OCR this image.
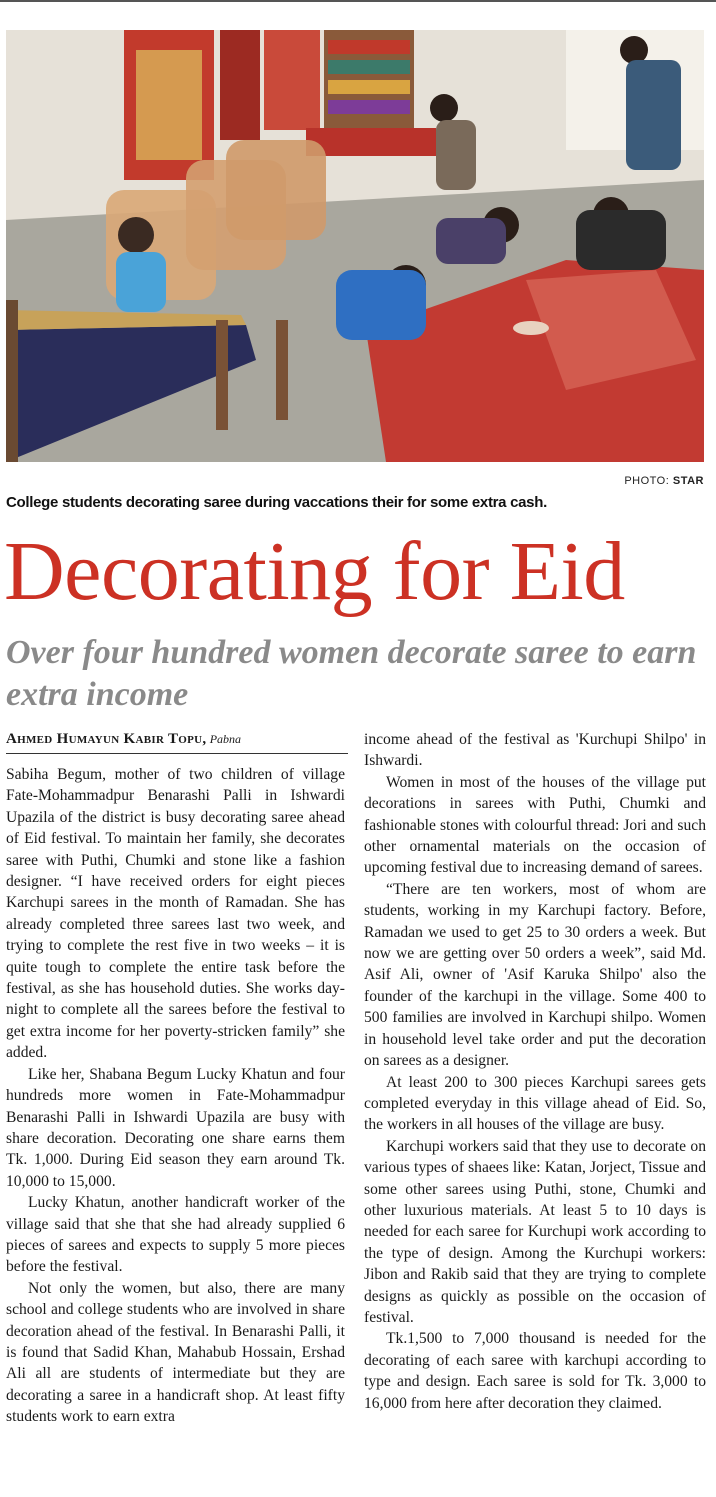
PHOTO: STAR
College students decorating saree during vaccations their for some extra cash.
Decorating for Eid
Over four hundred women decorate saree to earn extra income
Ahmed Humayun Kabir Topu, Pabna

Sabiha Begum, mother of two children of village Fate-Mohammadpur Benarashi Palli in Ishwardi Upazila of the district is busy decorating saree ahead of Eid festival. To maintain her family, she decorates saree with Puthi, Chumki and stone like a fashion designer. “I have received orders for eight pieces Karchupi sarees in the month of Ramadan. She has already completed three sarees last two week, and trying to complete the rest five in two weeks – it is quite tough to complete the entire task before the festival, as she has household duties. She works day-night to complete all the sarees before the festival to get extra income for her poverty-stricken family” she added.

Like her, Shabana Begum Lucky Khatun and four hundreds more women in Fate-Mohammadpur Benarashi Palli in Ishwardi Upazila are busy with share decoration. Decorating one share earns them Tk. 1,000. During Eid season they earn around Tk. 10,000 to 15,000.

Lucky Khatun, another handicraft worker of the village said that she that she had already supplied 6 pieces of sarees and expects to supply 5 more pieces before the festival.

Not only the women, but also, there are many school and college students who are involved in share decoration ahead of the festival. In Benarashi Palli, it is found that Sadid Khan, Mahabub Hossain, Ershad Ali all are students of intermediate but they are decorating a saree in a handicraft shop. At least fifty students work to earn extra

income ahead of the festival as 'Kurchupi Shilpo' in Ishwardi.

Women in most of the houses of the village put decorations in sarees with Puthi, Chumki and fashionable stones with colourful thread: Jori and such other ornamental materials on the occasion of upcoming festival due to increasing demand of sarees.

“There are ten workers, most of whom are students, working in my Karchupi factory. Before, Ramadan we used to get 25 to 30 orders a week. But now we are getting over 50 orders a week”, said Md. Asif Ali, owner of 'Asif Karuka Shilpo' also the founder of the karchupi in the village. Some 400 to 500 families are involved in Karchupi shilpo. Women in household level take order and put the decoration on sarees as a designer.

At least 200 to 300 pieces Karchupi sarees gets completed everyday in this village ahead of Eid. So, the workers in all houses of the village are busy.

Karchupi workers said that they use to decorate on various types of shaees like: Katan, Jorject, Tissue and some other sarees using Puthi, stone, Chumki and other luxurious materials. At least 5 to 10 days is needed for each saree for Kurchupi work according to the type of design. Among the Kurchupi workers: Jibon and Rakib said that they are trying to complete designs as quickly as possible on the occasion of festival.

Tk.1,500 to 7,000 thousand is needed for the decorating of each saree with karchupi according to type and design. Each saree is sold for Tk. 3,000 to 16,000 from here after decoration they claimed.
